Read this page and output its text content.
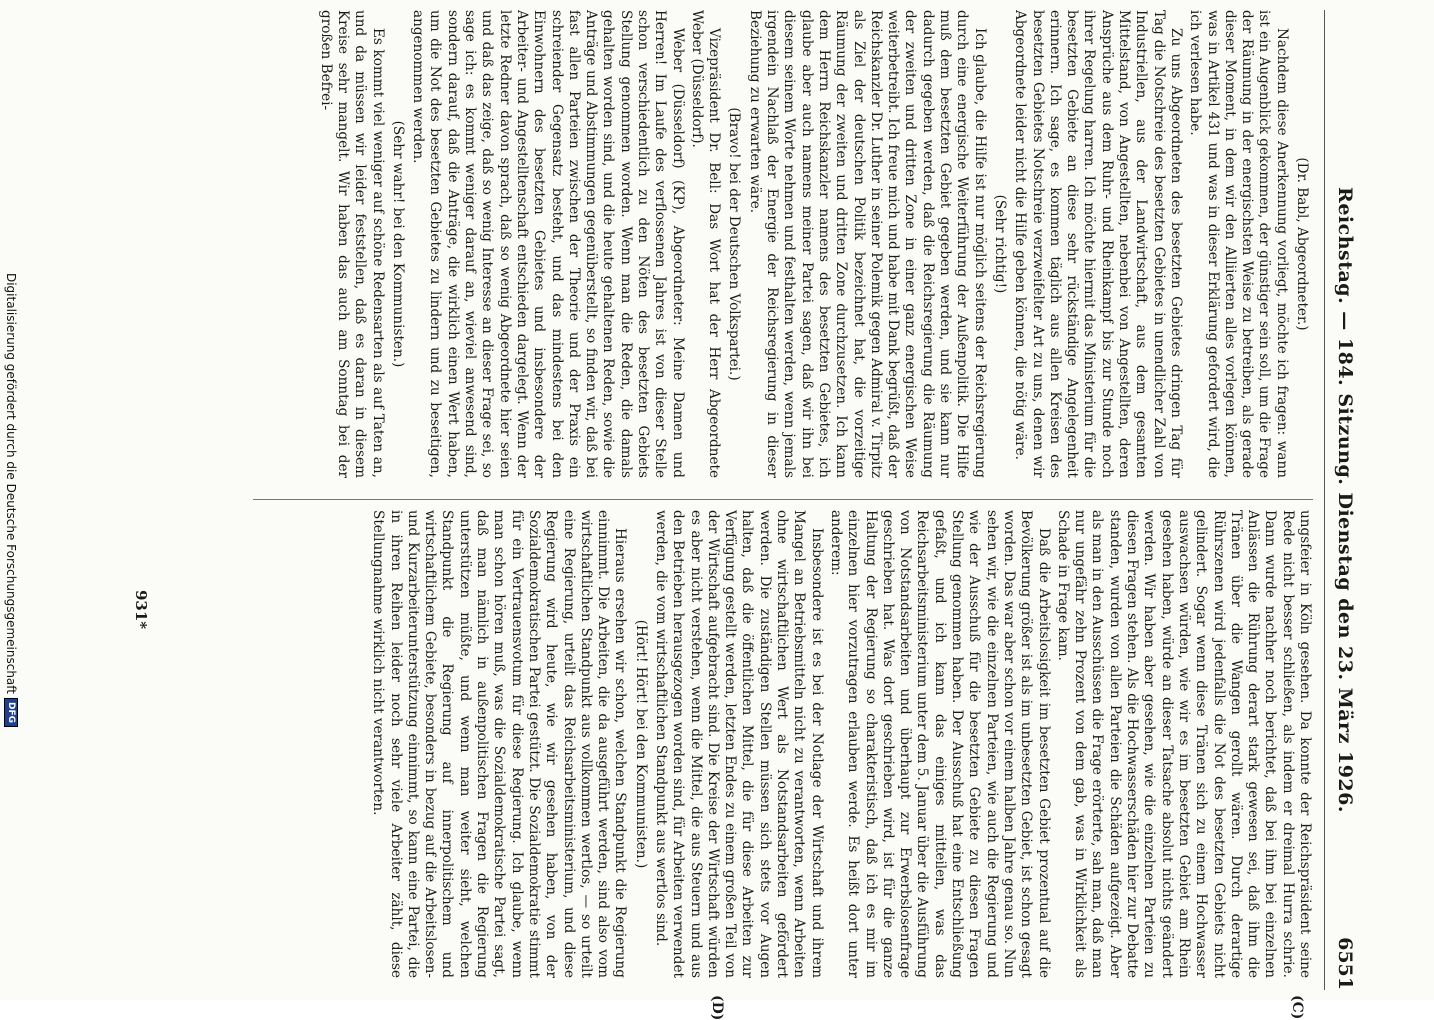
Reichstag. — 184. Sitzung. Dienstag den 23. März 1926.
6551
(C)
(D)

(Dr. Babl, Abgeordneter.)

Nachdem diese Anerkennung vorliegt, möchte ich fragen: wann ist ein Augenblick gekommen, der günstiger sein soll, um die Frage der Räumung in der energischsten Weise zu betreiben, als gerade dieser Moment, in dem wir den Alliierten alles vorlegen können, was in Artikel 431 und was in dieser Erklärung gefordert wird, die ich verlesen habe.

Zu uns Abgeordneten des besetzten Gebietes dringen Tag für Tag die Notschreie des besetzten Gebietes in unendlicher Zahl von Industriellen, aus der Landwirtschaft, aus dem gesamten Mittelstand, von Angestellten, nebenbei von Angestellten, deren Ansprüche aus dem Ruhr- und Rheinkampf bis zur Stunde noch ihrer Regelung harren. Ich möchte hiermit das Ministerium für die besetzten Gebiete an diese sehr rückständige Angelegenheit erinnern. Ich sage, es kommen täglich aus allen Kreisen des besetzten Gebietes Notschreie verzweifelter Art zu uns, denen wir Abgeordnete leider nicht die Hilfe geben können, die nötig wäre.

(Sehr richtig!)

Ich glaube, die Hilfe ist nur möglich seitens der Reichsregierung durch eine energische Weiterführung der Außenpolitik. Die Hilfe muß dem besetzten Gebiet gegeben werden, und sie kann nur dadurch gegeben werden, daß die Reichsregierung die Räumung der zweiten und dritten Zone in einer ganz energischen Weise weiterbetreibt. Ich freue mich und habe mit Dank begrüßt, daß der Reichskanzler Dr. Luther in seiner Polemik gegen Admiral v. Tirpitz als Ziel der deutschen Politik bezeichnet hat, die vorzeitige Räumung der zweiten und dritten Zone durchzusetzen. Ich kann dem Herrn Reichskanzler namens des besetzten Gebietes, ich glaube aber auch namens meiner Partei sagen, daß wir ihn bei diesem seinem Worte nehmen und festhalten werden, wenn jemals irgendein Nachlaß der Energie der Reichsregierung in dieser Beziehung zu erwarten wäre.

(Bravo! bei der Deutschen Volkspartei.)

Vizepräsident Dr. Bell: Das Wort hat der Herr Abgeordnete Weber (Düsseldorf).

Weber (Düsseldorf) (KP), Abgeordneter: Meine Damen und Herren! Im Laufe des verflossenen Jahres ist von dieser Stelle schon verschiedentlich zu den Nöten des besetzten Gebiets Stellung genommen worden. Wenn man die Reden, die damals gehalten worden sind, und die heute gehaltenen Reden, sowie die Anträge und Abstimmungen gegenüberstellt, so finden wir, daß bei fast allen Parteien zwischen der Theorie und der Praxis ein schreiender Gegensatz besteht, und das mindestens bei den Einwohnern des besetzten Gebietes und insbesondere der Arbeiter- und Angestelltenschaft entschieden dargelegt. Wenn der letzte Redner davon sprach, daß so wenig Abgeordnete hier seien und daß das zeige, daß so wenig Interesse an dieser Frage sei, so sage ich: es kommt weniger darauf an, wieviel anwesend sind, sondern darauf, daß die Anträge, die wirklich einen Wert haben, um die Not des besetzten Gebietes zu lindern und zu beseitigen, angenommen werden.

(Sehr wahr! bei den Kommunisten.)

Es kommt viel weniger auf schöne Redensarten als auf Taten an, und da müssen wir leider feststellen, daß es daran in diesem Kreise sehr mangelt. Wir haben das auch am Sonntag bei der großen Befrei-

ungsfeier in Köln gesehen. Da konnte der Reichspräsident seine Rede nicht besser schließen, als indem er dreimal Hurra schrie. Dann wurde nachher noch berichtet, daß bei ihm bei einzelnen Anlässen die Rührung derart stark gewesen sei, daß ihm die Tränen über die Wangen gerollt wären. Durch derartige Rührszenen wird jedenfalls die Not des besetzten Gebiets nicht gelindert. Sogar wenn diese Tränen sich zu einem Hochwasser auswachsen würden, wie wir es im besetzten Gebiet am Rhein gesehen haben, würde an dieser Tatsache absolut nichts geändert werden. Wir haben aber gesehen, wie die einzelnen Parteien zu diesen Fragen stehen. Als die Hochwasserschäden hier zur Debatte standen, wurden von allen Parteien die Schäden aufgezeigt. Aber als man in den Ausschüssen die Frage erörterte, sah man, daß man nur ungefähr zehn Prozent von dem gab, was in Wirklichkeit als Schade in Frage kam.

Daß die Arbeitslosigkeit im besetzten Gebiet prozentual auf die Bevölkerung größer ist als im unbesetzten Gebiet, ist schon gesagt worden. Das war aber schon vor einem halben Jahre genau so. Nun sehen wir, wie die einzelnen Parteien, wie auch die Regierung und wie der Ausschuß für die besetzten Gebiete zu diesen Fragen Stellung genommen haben. Der Ausschuß hat eine Entschließung gefaßt, und ich kann das einiges mitteilen, was das Reichsarbeitsministerium unter dem 5. Januar über die Ausführung von Notstandsarbeiten und überhaupt zur Erwerbslosenfrage geschrieben hat. Was dort geschrieben wird, ist für die ganze Haltung der Regierung so charakteristisch, daß ich es mir im einzelnen hier vorzutragen erlauben werde. Es heißt dort unter anderem:

Insbesondere ist es bei der Notlage der Wirtschaft und ihrem Mangel an Betriebsmitteln nicht zu verantworten, wenn Arbeiten ohne wirtschaftlichen Wert als Notstandsarbeiten gefördert werden. Die zuständigen Stellen müssen sich stets vor Augen halten, daß die öffentlichen Mittel, die für diese Arbeiten zur Verfügung gestellt werden, letzten Endes zu einem großen Teil von der Wirtschaft aufgebracht sind. Die Kreise der Wirtschaft würden es aber nicht verstehen, wenn die Mittel, die aus Steuern und aus den Betrieben herausgezogen worden sind, für Arbeiten verwendet werden, die vom wirtschaftlichen Standpunkt aus wertlos sind.

(Hört! Hört! bei den Kommunisten.)

Hieraus ersehen wir schon, welchen Standpunkt die Regierung einnimmt. Die Arbeiten, die da ausgeführt werden, sind also vom wirtschaftlichen Standpunkt aus vollkommen wertlos, — so urteilt eine Regierung, urteilt das Reichsarbeitsministerium, und diese Regierung wird heute, wie wir gesehen haben, von der Sozialdemokratischen Partei gestützt. Die Sozialdemokratie stimmt für ein Vertrauensvotum für diese Regierung. Ich glaube, wenn man schon hören muß, was die Sozialdemokratische Partei sagt, daß man nämlich in außenpolitischen Fragen die Regierung unterstützen müßte, und wenn man weiter sieht, welchen Standpunkt die Regierung auf innerpolitischem und wirtschaftlichem Gebiete, besonders in bezug auf die Arbeitslosen- und Kurzarbeiterunterstützung einnimmt, so kann eine Partei, die in ihren Reihen leider noch sehr viele Arbeiter zählt, diese Stellungnahme wirklich nicht verantworten.

931*
Digitalisierung gefördert durch die Deutsche Forschungsgemeinschaft
DFG
